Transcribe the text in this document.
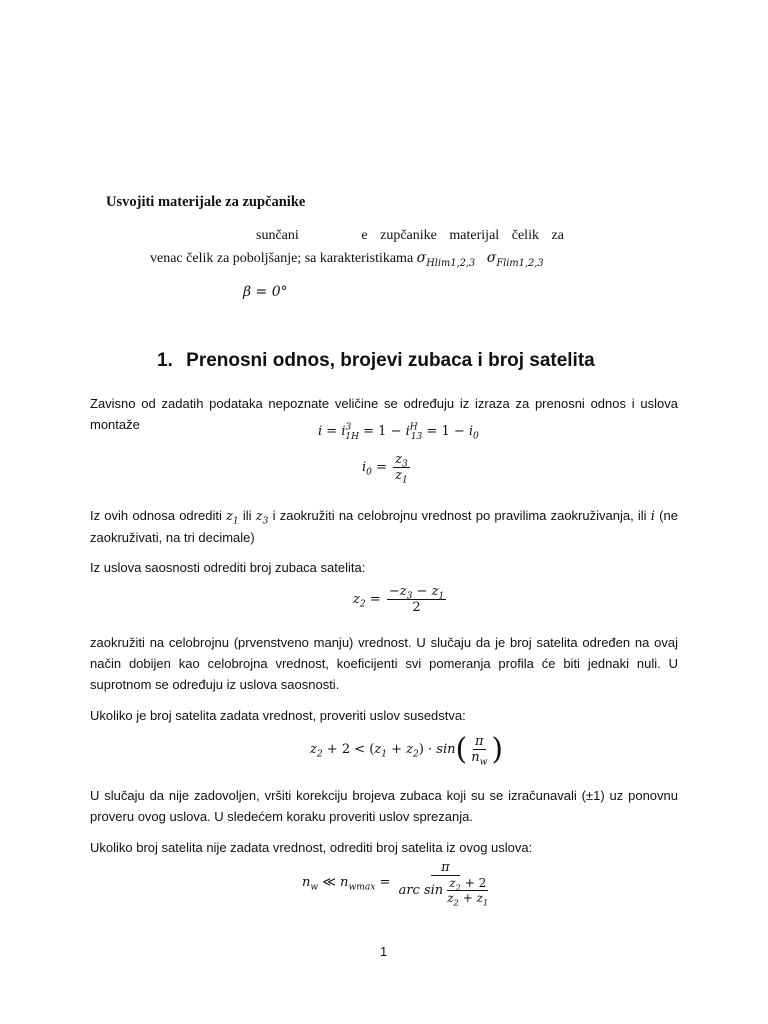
Usvojiti materijale za zupčanike
sunčani	e zupčanike materijal čelik za
venac čelik za poboljšanje; sa karakteristikama $\sigma_{Hlim1,2,3}$ $\sigma_{Flim1,2,3}$
β = 0°
1. Prenosni odnos, brojevi zubaca i broj satelita
Zavisno od zadatih podataka nepoznate veličine se određuju iz izraza za prenosni odnos i uslova montaže	$i = i^3_{1H} = 1 - i^H_{13} = 1 - i_0$
$i_0 = \frac{z_3}{z_1}$
Iz ovih odnosa odrediti $z_1$ ili $z_3$ i zaokružiti na celobrojnu vrednost po pravilima zaokruživanja, ili i (ne zaokruživati, na tri decimale)
Iz uslova saosnosti odrediti broj zubaca satelita:
$z_2 = \frac{-z_3 - z_1}{2}$
zaokružiti na celobrojnu (prvenstveno manju) vrednost. U slučaju da je broj satelita određen na ovaj način dobijen kao celobrojna vrednost, koeficijenti svi pomeranja profila će biti jednaki nuli. U suprotnom se određuju iz uslova saosnosti.
Ukoliko je broj satelita zadata vrednost, proveriti uslov susedstva:
$z_2 + 2 < (z_1 + z_2) \cdot \sin( \frac{\pi}{n_w}$ )
U slučaju da nije zadovoljen, vršiti korekciju brojeva zubaca koji su se izračunavali (±1) uz ponovnu proveru ovog uslova. U sledećem koraku proveriti uslov sprezanja.
Ukoliko broj satelita nije zadata vrednost, odrediti broj satelita iz ovog uslova:
$n_w$ ≪ $n_{wmax} = \frac{\pi}{arc \sin \frac{z_2 + 2}{z_2 + z_1}}$
1
